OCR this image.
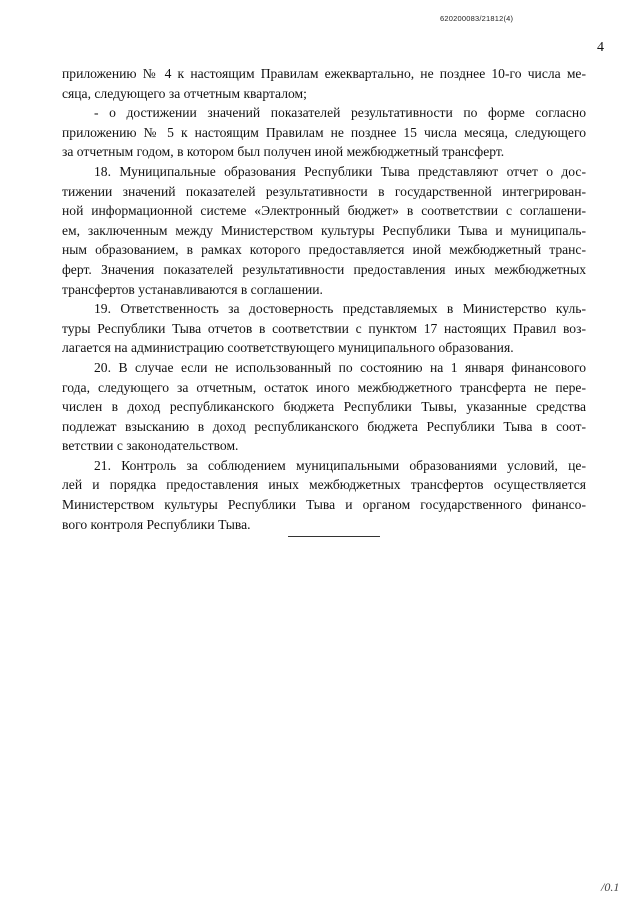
620200083/21812(4)
4
приложению № 4 к настоящим Правилам ежеквартально, не позднее 10-го числа ме-
сяца, следующего за отчетным кварталом;
- о достижении значений показателей результативности по форме согласно
приложению № 5 к настоящим Правилам не позднее 15 числа месяца, следующего
за отчетным годом, в котором был получен иной межбюджетный трансферт.
18. Муниципальные образования Республики Тыва представляют отчет о дос-
тижении значений показателей результативности в государственной интегрирован-
ной информационной системе «Электронный бюджет» в соответствии с соглашени-
ем, заключенным между Министерством культуры Республики Тыва и муниципаль-
ным образованием, в рамках которого предоставляется иной межбюджетный транс-
ферт. Значения показателей результативности предоставления иных межбюджетных
трансфертов устанавливаются в соглашении.
19. Ответственность за достоверность представляемых в Министерство куль-
туры Республики Тыва отчетов в соответствии с пунктом 17 настоящих Правил воз-
лагается на администрацию соответствующего муниципального образования.
20. В случае если не использованный по состоянию на 1 января финансового
года, следующего за отчетным, остаток иного межбюджетного трансферта не пере-
числен в доход республиканского бюджета Республики Тывы, указанные средства
подлежат взысканию в доход республиканского бюджета Республики Тыва в соот-
ветствии с законодательством.
21. Контроль за соблюдением муниципальными образованиями условий, це-
лей и порядка предоставления иных межбюджетных трансфертов осуществляется
Министерством культуры Республики Тыва и органом государственного финансо-
вого контроля Республики Тыва.
/0.1
